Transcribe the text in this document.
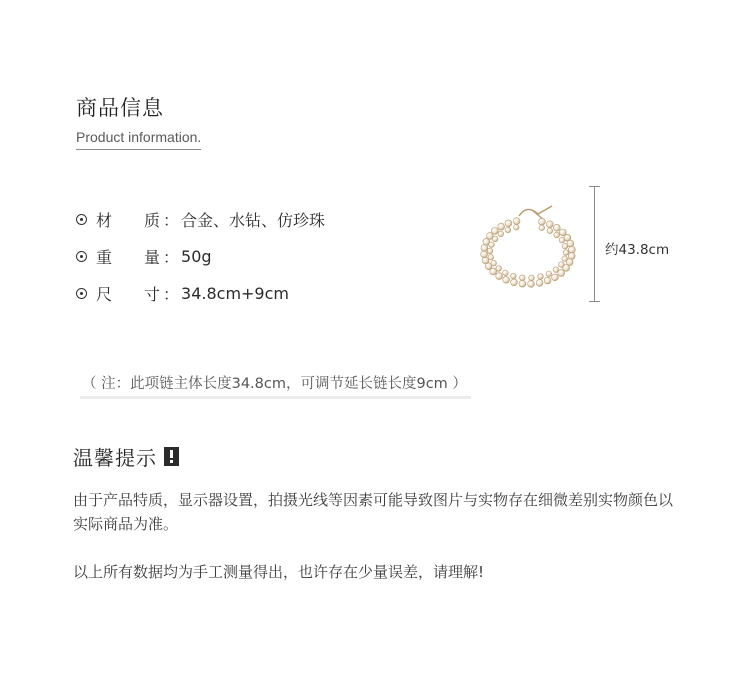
商品信息
Product information.
材 质 ： 合金、水钻、仿珍珠
重 量 ： 50g
尺 寸 ： 34.8cm+9cm
约43.8cm
（ 注：此项链主体长度34.8cm，可调节延长链长度9cm ）
温馨提示
由于产品特质，显示器设置，拍摄光线等因素可能导致图片与实物存在细微差别实物颜色以实际商品为准。
以上所有数据均为手工测量得出，也许存在少量误差，请理解!
